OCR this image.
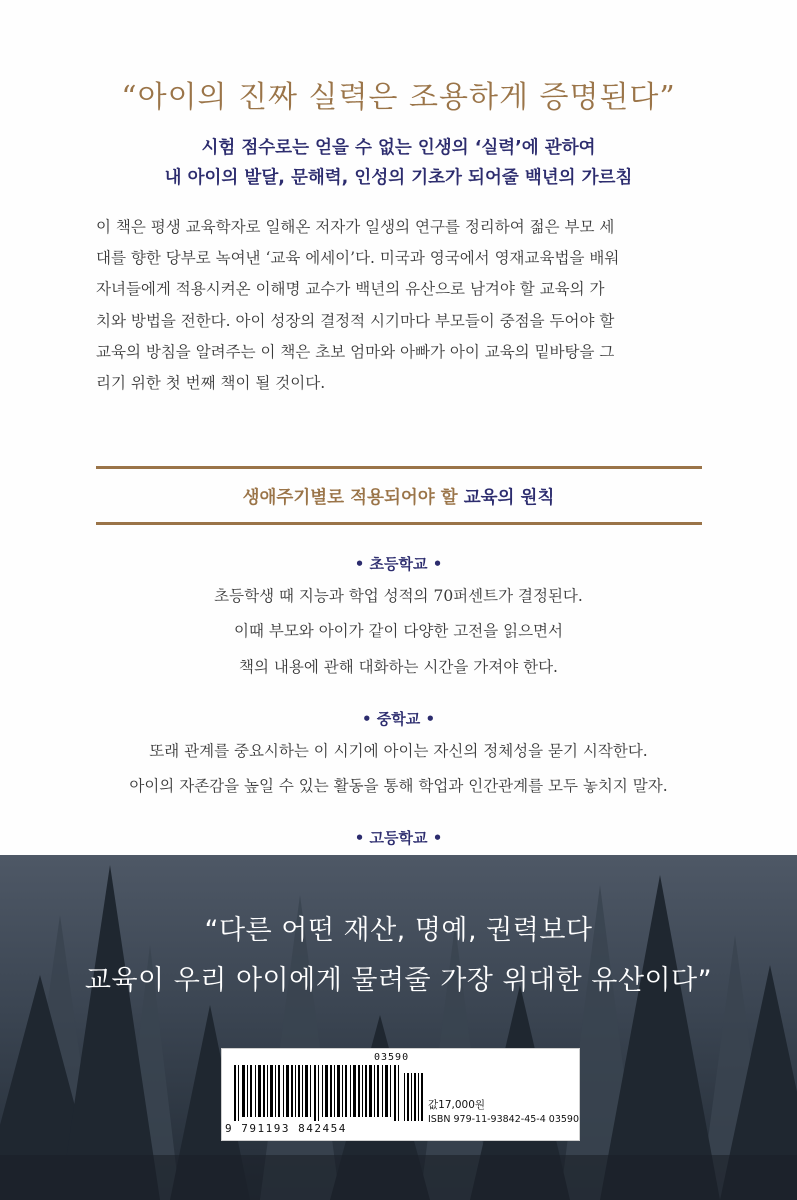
“아이의 진짜 실력은 조용하게 증명된다”
시험 점수로는 얻을 수 없는 인생의 ‘실력’에 관하여
내 아이의 발달, 문해력, 인성의 기초가 되어줄 백년의 가르침
이 책은 평생 교육학자로 일해온 저자가 일생의 연구를 정리하여 젊은 부모 세
대를 향한 당부로 녹여낸 ‘교육 에세이’다. 미국과 영국에서 영재교육법을 배워
자녀들에게 적용시켜온 이해명 교수가 백년의 유산으로 남겨야 할 교육의 가
치와 방법을 전한다. 아이 성장의 결정적 시기마다 부모들이 중점을 두어야 할
교육의 방침을 알려주는 이 책은 초보 엄마와 아빠가 아이 교육의 밑바탕을 그
리기 위한 첫 번째 책이 될 것이다.
생애주기별로 적용되어야 할 교육의 원칙
• 초등학교 •
초등학생 때 지능과 학업 성적의 70퍼센트가 결정된다.
이때 부모와 아이가 같이 다양한 고전을 읽으면서
책의 내용에 관해 대화하는 시간을 가져야 한다.
• 중학교 •
또래 관계를 중요시하는 이 시기에 아이는 자신의 정체성을 묻기 시작한다.
아이의 자존감을 높일 수 있는 활동을 통해 학업과 인간관계를 모두 놓치지 말자.
• 고등학교 •
“다른 어떤 재산, 명예, 권력보다
교육이 우리 아이에게 물려줄 가장 위대한 유산이다”
03590
9 791193 842454
값17,000원
ISBN 979-11-93842-45-4 03590
